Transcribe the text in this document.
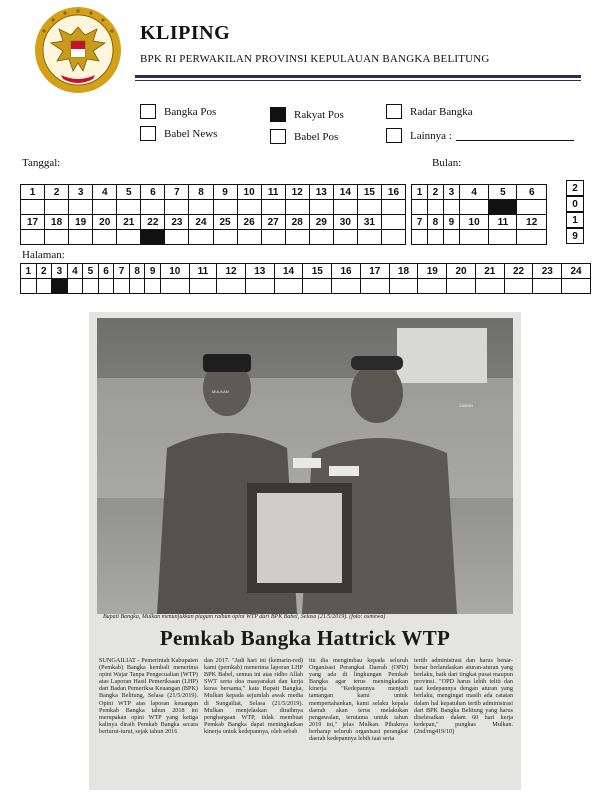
KLIPING
BPK RI PERWAKILAN PROVINSI KEPULAUAN BANGKA BELITUNG
Bangka Pos	Rakyat Pos	Radar Bangka
Babel News	Babel Pos	Lainnya :
Tanggal:	Bulan:
Halaman:
1	2	3	4	5	6	7	8	9	10	11	12	13	14	15	16

17	18	19	20	21	22	23	24	25	26	27	28	29	30	31	

1	2	3	4	5	6

7	8	9	10	11	12

2
0
1
9
1	2	3	4	5	6	7	8	9	10	11	12	13	14	15	16	17	18	19	20	21	22	23	24

Bupati Bangka, Mulkan menunjukkan piagam raihan opini WTP dari BPK Babel, Selasa (21/5/2019). (foto: osmewa)
Pemkab Bangka Hattrick WTP
SUNGAILIAT - Pemerintah Kabupaten (Pemkab) Bangka kembali menerima opini Wajar Tanpa Pengecualian (WTP) atas Laporan Hasil Pemeriksaan (LHP) dari Badan Pemeriksa Keuangan (BPK) Bangka Belitung, Selasa (21/5/2019). Opini WTP atas laporan keuangan Pemkab Bangka tahun 2018 ini merupakan opini WTP yang ketiga kalinya diraih Pemkab Bangka secara berturut-turut, sejak tahun 2016
dan 2017. "Jadi hari ini (kemarin-red) kami (pemkab) menerima laporan LHP BPK Babel, semua ini atas ridho Allah SWT serta doa masyarakat dan kerja keras bersama," kata Bupati Bangka, Mulkan kepada sejumlah awak media di Sungailiat, Selasa (21/5/2019). Mulkan menjelaskan diraihnya penghargaan WTP, tidak membuat Pemkab Bangka dapat meningkatkan kinerja untuk kedepannya, oleh sebab
itu dia mengimbau kepada seluruh Organisasi Perangkat Daerah (OPD) yang ada di lingkungan Pemkab Bangka agar terus meningkatkan kinerja. "Kedepannya menjadi tantangan kami untuk mempertahankan, kami selaku kepala daerah akan terus melakukan pengawalan, terutama untuk tahun 2019 ini," jelas Mulkan. Pihaknya berharap seluruh organisasi perangkat daerah kedepannya lebih taat serta
tertib administrasi dan harus benar-benar berlandaskan aturan-aturan yang berlaku, baik dari tingkat pusat maupun provinsi. "OPD harus lebih teliti dan taat kedepannya dengan aturan yang berlaku, mengingat masih ada catatan dalam hal kepatuhan tertib administrasi dari BPK Bangka Belitung yang harus diselesaikan dalam 60 hari kerja kedepan," pungkas Mulkan. (2nd/mg419/10)
MULKAN
ZAMAN
